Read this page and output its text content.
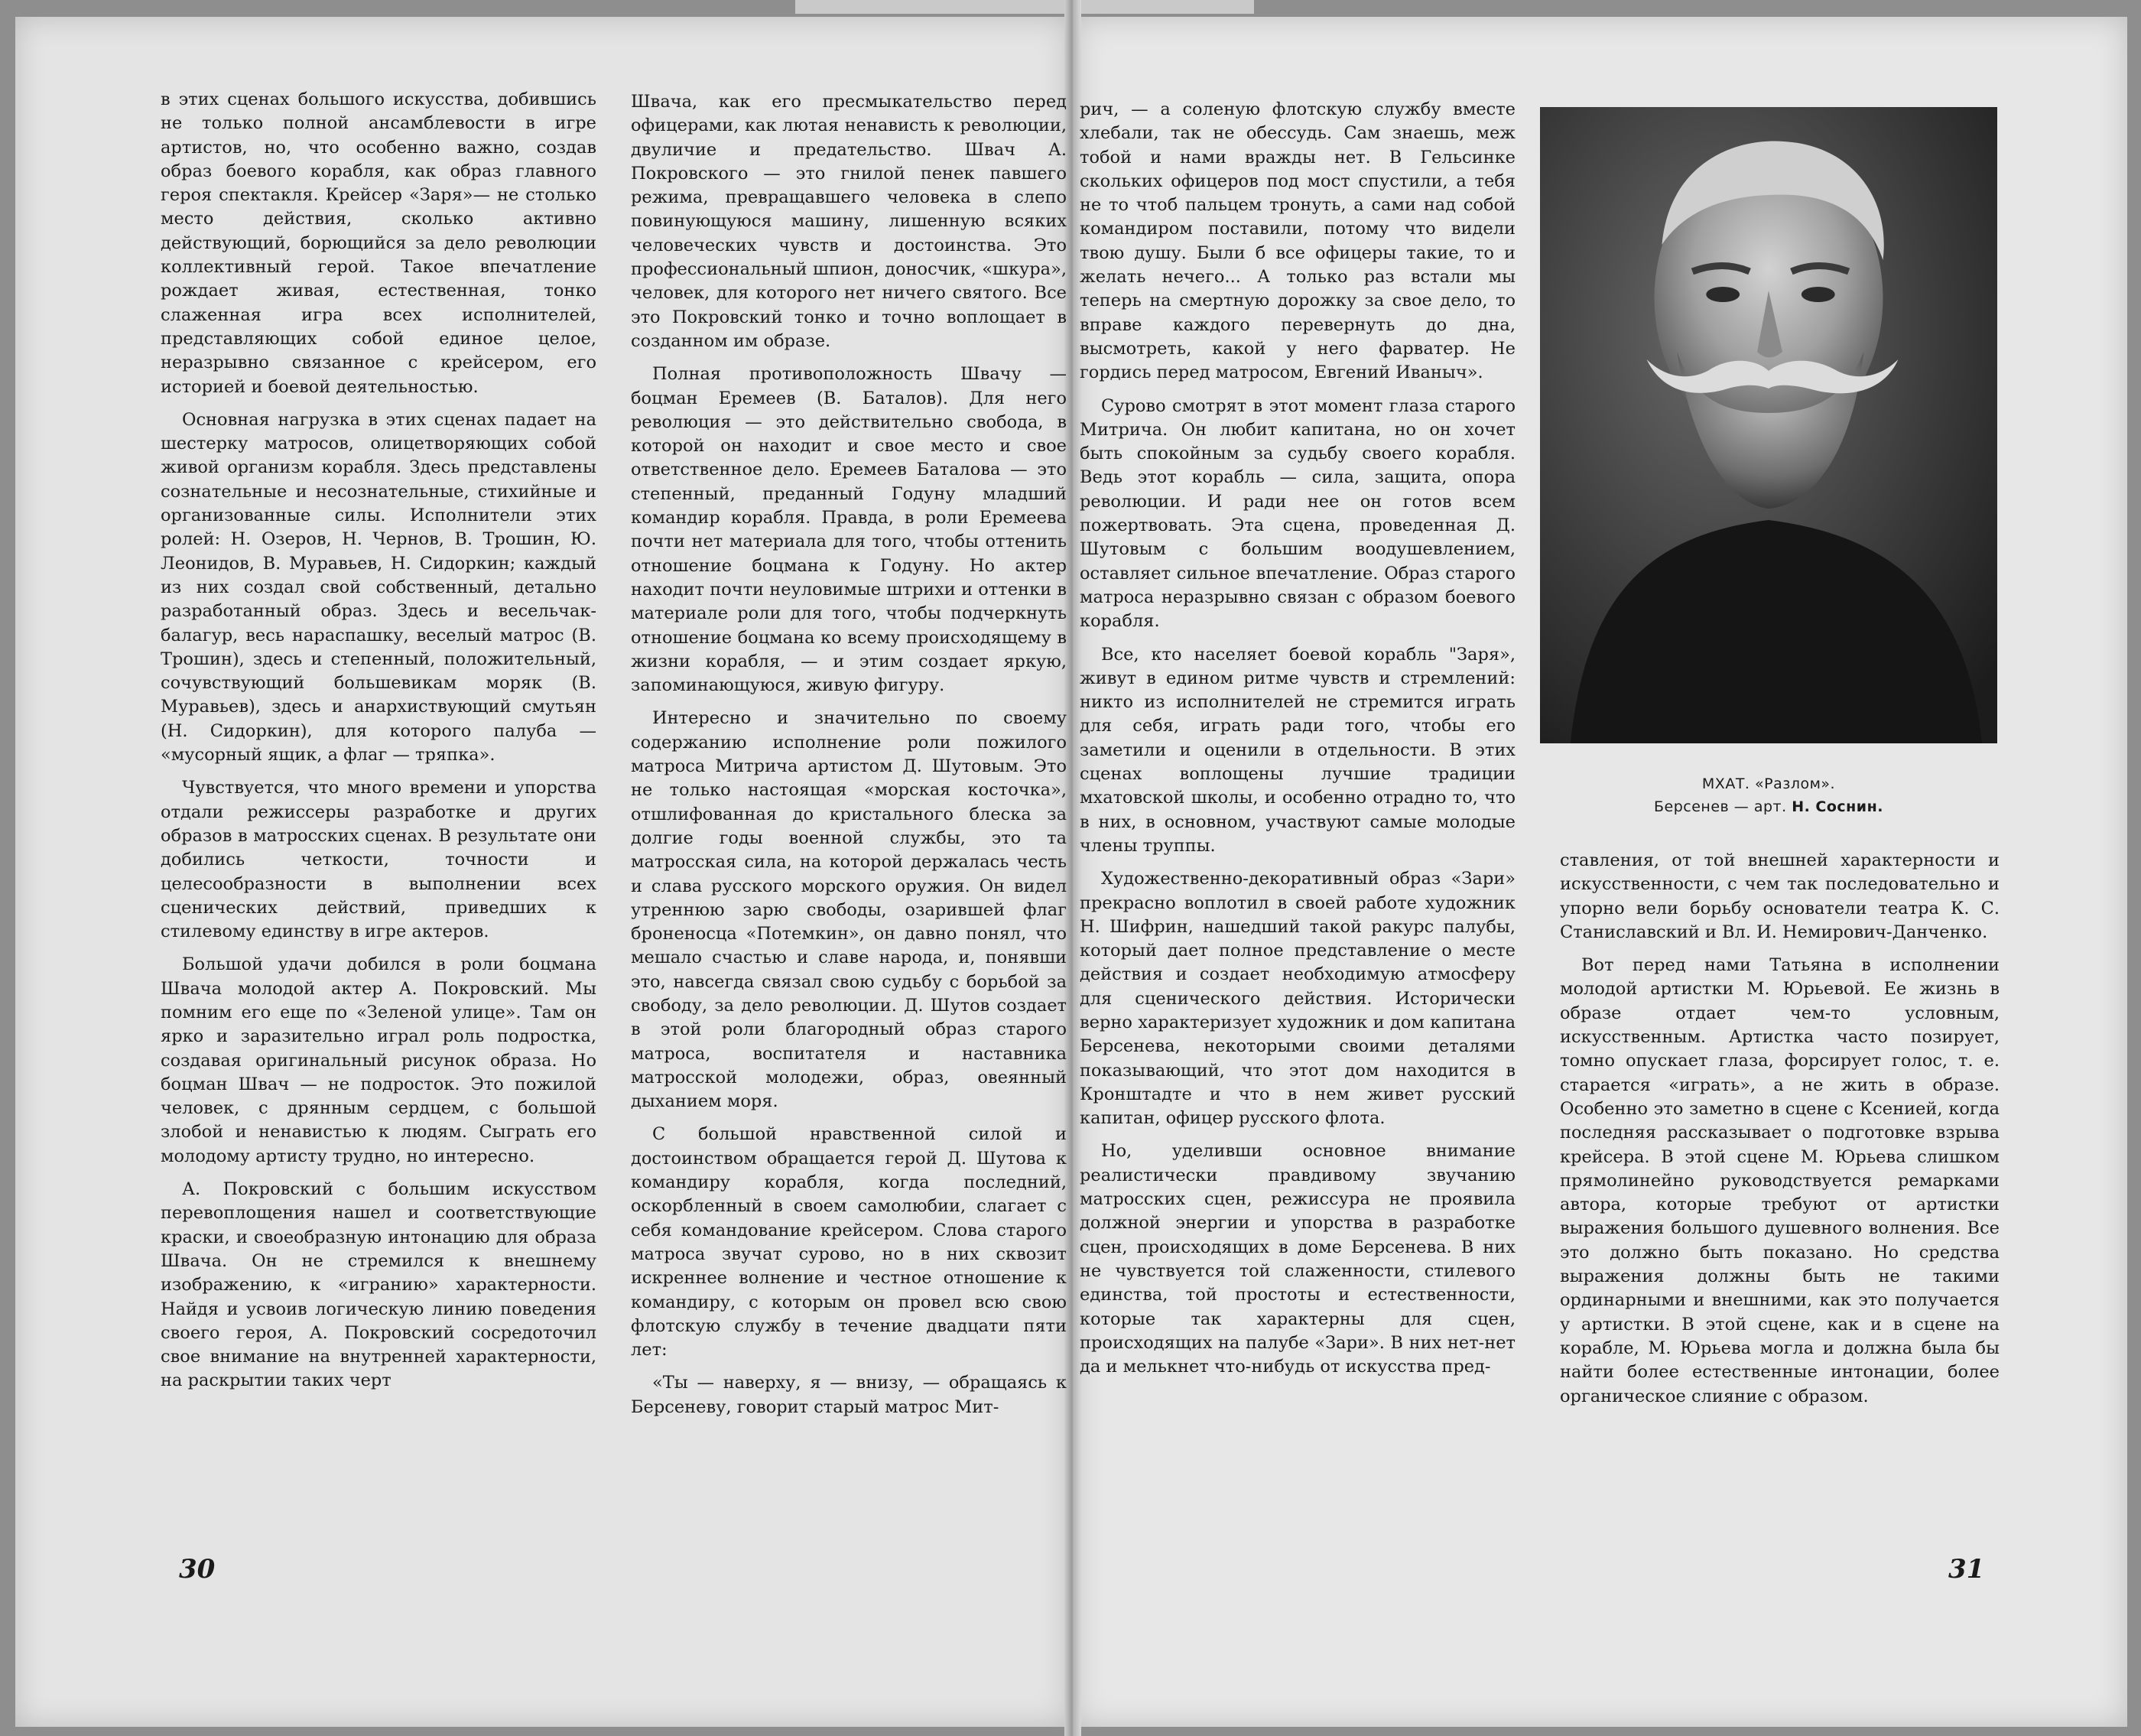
в этих сценах большого искусства, добившись не только полной ансамблевости в игре артистов, но, что особенно важно, создав образ боевого корабля, как образ главного героя спектакля. Крейсер «Заря»— не столько место действия, сколько активно действующий, борющийся за дело революции коллективный герой. Такое впечатление рождает живая, естественная, тонко слаженная игра всех исполнителей, представляющих собой единое целое, неразрывно связанное с крейсером, его историей и боевой деятельностью.

Основная нагрузка в этих сценах падает на шестерку матросов, олицетворяющих собой живой организм корабля. Здесь представлены сознательные и несознательные, стихийные и организованные силы. Исполнители этих ролей: Н. Озеров, Н. Чернов, В. Трошин, Ю. Леонидов, В. Муравьев, Н. Сидоркин; каждый из них создал свой собственный, детально разработанный образ. Здесь и весельчак-балагур, весь нараспашку, веселый матрос (В. Трошин), здесь и степенный, положительный, сочувствующий большевикам моряк (В. Муравьев), здесь и анархиствующий смутьян (Н. Сидоркин), для которого палуба — «мусорный ящик, а флаг — тряпка».

Чувствуется, что много времени и упорства отдали режиссеры разработке и других образов в матросских сценах. В результате они добились четкости, точности и целесообразности в выполнении всех сценических действий, приведших к стилевому единству в игре актеров.

Большой удачи добился в роли боцмана Швача молодой актер А. Покровский. Мы помним его еще по «Зеленой улице». Там он ярко и заразительно играл роль подростка, создавая оригинальный рисунок образа. Но боцман Швач — не подросток. Это пожилой человек, с дрянным сердцем, с большой злобой и ненавистью к людям. Сыграть его молодому артисту трудно, но интересно.

А. Покровский с большим искусством перевоплощения нашел и соответствующие краски, и своеобразную интонацию для образа Швача. Он не стремился к внешнему изображению, к «игранию» характерности. Найдя и усвоив логическую линию поведения своего героя, А. Покровский сосредоточил свое внимание на внутренней характерности, на раскрытии таких черт

Швача, как его пресмыкательство перед офицерами, как лютая ненависть к революции, двуличие и предательство. Швач А. Покровского — это гнилой пенек павшего режима, превращавшего человека в слепо повинующуюся машину, лишенную всяких человеческих чувств и достоинства. Это профессиональный шпион, доносчик, «шкура», человек, для которого нет ничего святого. Все это Покровский тонко и точно воплощает в созданном им образе.

Полная противоположность Швачу — боцман Еремеев (В. Баталов). Для него революция — это действительно свобода, в которой он находит и свое место и свое ответственное дело. Еремеев Баталова — это степенный, преданный Годуну младший командир корабля. Правда, в роли Еремеева почти нет материала для того, чтобы оттенить отношение боцмана к Годуну. Но актер находит почти неуловимые штрихи и оттенки в материале роли для того, чтобы подчеркнуть отношение боцмана ко всему происходящему в жизни корабля, — и этим создает яркую, запоминающуюся, живую фигуру.

Интересно и значительно по своему содержанию исполнение роли пожилого матроса Митрича артистом Д. Шутовым. Это не только настоящая «морская косточка», отшлифованная до кристального блеска за долгие годы военной службы, это та матросская сила, на которой держалась честь и слава русского морского оружия. Он видел утреннюю зарю свободы, озарившей флаг броненосца «Потемкин», он давно понял, что мешало счастью и славе народа, и, понявши это, навсегда связал свою судьбу с борьбой за свободу, за дело революции. Д. Шутов создает в этой роли благородный образ старого матроса, воспитателя и наставника матросской молодежи, образ, овеянный дыханием моря.

С большой нравственной силой и достоинством обращается герой Д. Шутова к командиру корабля, когда последний, оскорбленный в своем самолюбии, слагает с себя командование крейсером. Слова старого матроса звучат сурово, но в них сквозит искреннее волнение и честное отношение к командиру, с которым он провел всю свою флотскую службу в течение двадцати пяти лет:

«Ты — наверху, я — внизу, — обращаясь к Берсеневу, говорит старый матрос Мит-

рич, — а соленую флотскую службу вместе хлебали, так не обессудь. Сам знаешь, меж тобой и нами вражды нет. В Гельсинке скольких офицеров под мост спустили, а тебя не то чтоб пальцем тронуть, а сами над собой командиром поставили, потому что видели твою душу. Были б все офицеры такие, то и желать нечего... А только раз встали мы теперь на смертную дорожку за свое дело, то вправе каждого перевернуть до дна, высмотреть, какой у него фарватер. Не гордись перед матросом, Евгений Иваныч».

Сурово смотрят в этот момент глаза старого Митрича. Он любит капитана, но он хочет быть спокойным за судьбу своего корабля. Ведь этот корабль — сила, защита, опора революции. И ради нее он готов всем пожертвовать. Эта сцена, проведенная Д. Шутовым с большим воодушевлением, оставляет сильное впечатление. Образ старого матроса неразрывно связан с образом боевого корабля.

Все, кто населяет боевой корабль "Заря», живут в едином ритме чувств и стремлений: никто из исполнителей не стремится играть для себя, играть ради того, чтобы его заметили и оценили в отдельности. В этих сценах воплощены лучшие традиции мхатовской школы, и особенно отрадно то, что в них, в основном, участвуют самые молодые члены труппы.

Художественно-декоративный образ «Зари» прекрасно воплотил в своей работе художник Н. Шифрин, нашедший такой ракурс палубы, который дает полное представление о месте действия и создает необходимую атмосферу для сценического действия. Исторически верно характеризует художник и дом капитана Берсенева, некоторыми своими деталями показывающий, что этот дом находится в Кронштадте и что в нем живет русский капитан, офицер русского флота.

Но, уделивши основное внимание реалистически правдивому звучанию матросских сцен, режиссура не проявила должной энергии и упорства в разработке сцен, происходящих в доме Берсенева. В них не чувствуется той слаженности, стилевого единства, той простоты и естественности, которые так характерны для сцен, происходящих на палубе «Зари». В них нет-нет да и мелькнет что-нибудь от искусства пред-

ставления, от той внешней характерности и искусственности, с чем так последовательно и упорно вели борьбу основатели театра К. С. Станиславский и Вл. И. Немирович-Данченко.

Вот перед нами Татьяна в исполнении молодой артистки М. Юрьевой. Ее жизнь в образе отдает чем-то условным, искусственным. Артистка часто позирует, томно опускает глаза, форсирует голос, т. е. старается «играть», а не жить в образе. Особенно это заметно в сцене с Ксенией, когда последняя рассказывает о подготовке взрыва крейсера. В этой сцене М. Юрьева слишком прямолинейно руководствуется ремарками автора, которые требуют от артистки выражения большого душевного волнения. Все это должно быть показано. Но средства выражения должны быть не такими ординарными и внешними, как это получается у артистки. В этой сцене, как и в сцене на корабле, М. Юрьева могла и должна была бы найти более естественные интонации, более органическое слияние с образом.

МХАТ. «Разлом».
Берсенев — арт. Н. Соснин.
30	31
